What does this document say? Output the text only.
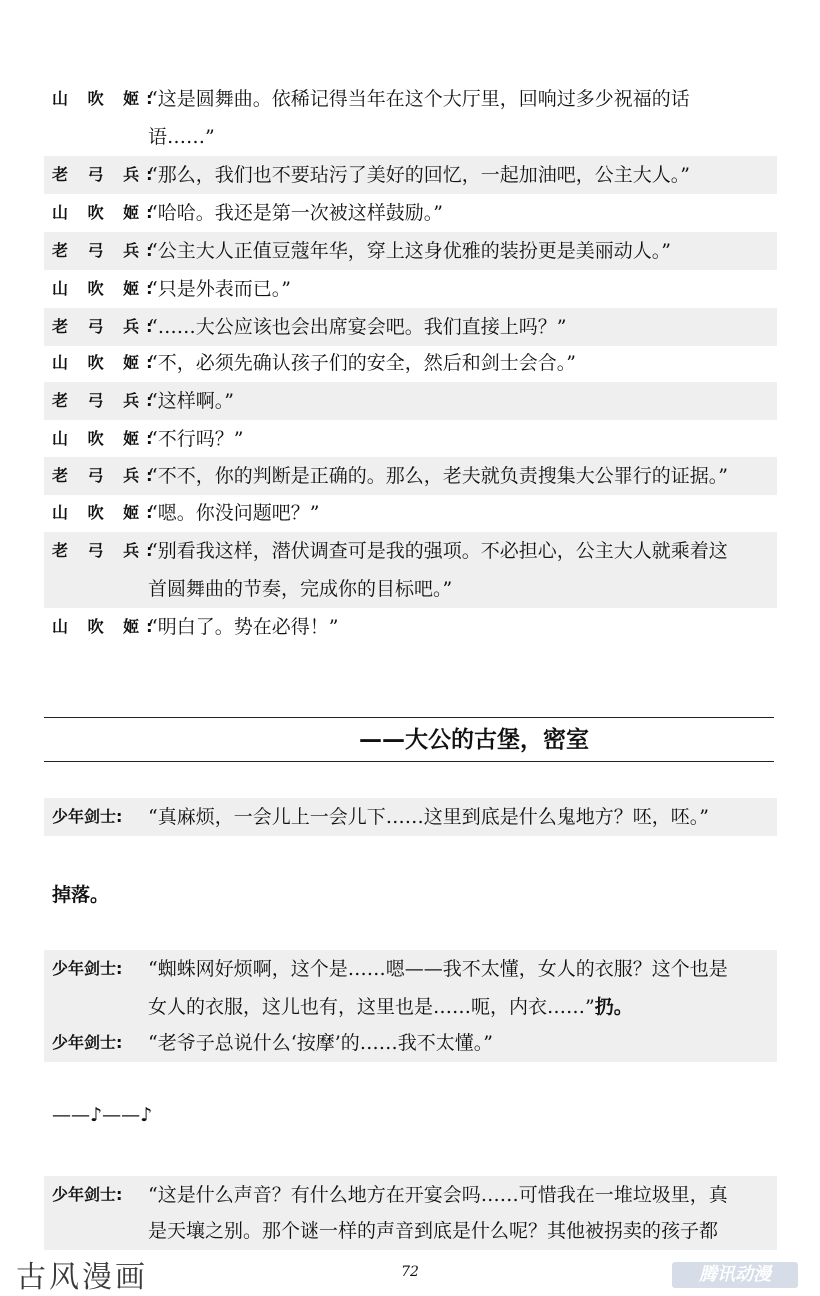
山 吹 姬:
“这是圆舞曲。依稀记得当年在这个大厅里，回响过多少祝福的话
语……”
老 弓 兵:
“那么，我们也不要玷污了美好的回忆，一起加油吧，公主大人。”
山 吹 姬:
“哈哈。我还是第一次被这样鼓励。”
老 弓 兵:
“公主大人正值豆蔻年华，穿上这身优雅的装扮更是美丽动人。”
山 吹 姬:
“只是外表而已。”
老 弓 兵:
“……大公应该也会出席宴会吧。我们直接上吗？”
山 吹 姬:
“不，必须先确认孩子们的安全，然后和剑士会合。”
老 弓 兵:
“这样啊。”
山 吹 姬:
“不行吗？”
老 弓 兵:
“不不，你的判断是正确的。那么，老夫就负责搜集大公罪行的证据。”
山 吹 姬:
“嗯。你没问题吧？”
老 弓 兵:
“别看我这样，潜伏调查可是我的强项。不必担心，公主大人就乘着这
首圆舞曲的节奏，完成你的目标吧。”
山 吹 姬:
“明白了。势在必得！”
——大公的古堡，密室
少年剑士: “真麻烦，一会儿上一会儿下……这里到底是什么鬼地方？呸，呸。”
掉落。
少年剑士: “蜘蛛网好烦啊，这个是……嗯——我不太懂，女人的衣服？这个也是
女人的衣服，这儿也有，这里也是……呃，内衣……”扔。
少年剑士: “老爷子总说什么‘按摩’的……我不太懂。”
——♪——♪
少年剑士: “这是什么声音？有什么地方在开宴会吗……可惜我在一堆垃圾里，真
是天壤之别。那个谜一样的声音到底是什么呢？其他被拐卖的孩子都
古风漫画	72	腾讯动漫
